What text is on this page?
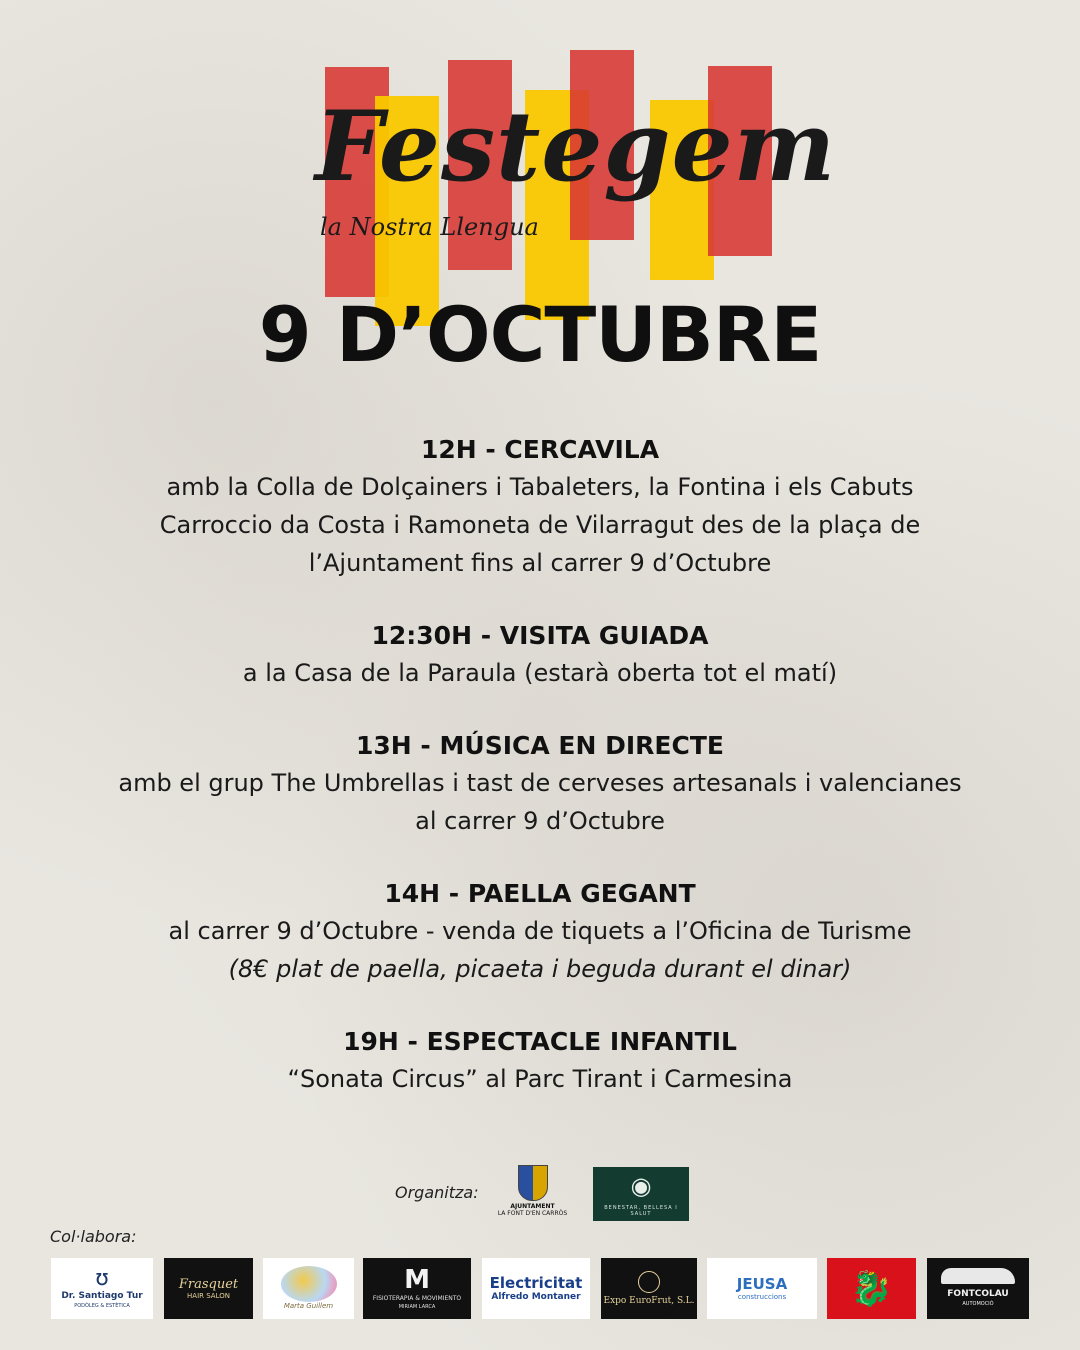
Festegem
la Nostra Llengua
9 D’OCTUBRE
12H - CERCAVILA
amb la Colla de Dolçainers i Tabaleters, la Fontina i els Cabuts
Carroccio da Costa i Ramoneta de Vilarragut des de la plaça de
l’Ajuntament fins al carrer 9 d’Octubre
12:30H - VISITA GUIADA
a la Casa de la Paraula (estarà oberta tot el matí)
13H - MÚSICA EN DIRECTE
amb el grup The Umbrellas i tast de cerveses artesanals i valencianes
al carrer 9 d’Octubre
14H - PAELLA GEGANT
al carrer 9 d’Octubre - venda de tiquets a l’Oficina de Turisme
(8€ plat de paella, picaeta i beguda durant el dinar)
19H - ESPECTACLE INFANTIL
“Sonata Circus” al Parc Tirant i Carmesina
Organitza:
AJUNTAMENT
LA FONT D'EN CARRÒS
◉
BENESTAR, BELLESA I SALUT
Col·labora:
ʊ
Dr. Santiago Tur
PODÒLEG & ESTÈTICA
Frasquet
HAIR SALON
Marta Guillem
M
FISIOTERAPIA & MOVIMIENTO
MIRIAM LARCA
Electricitat
Alfredo Montaner	Expo EuroFrut, S.L.
JEUSA
construccions 🐉	FONTCOLAU
AUTOMOCIÓ
